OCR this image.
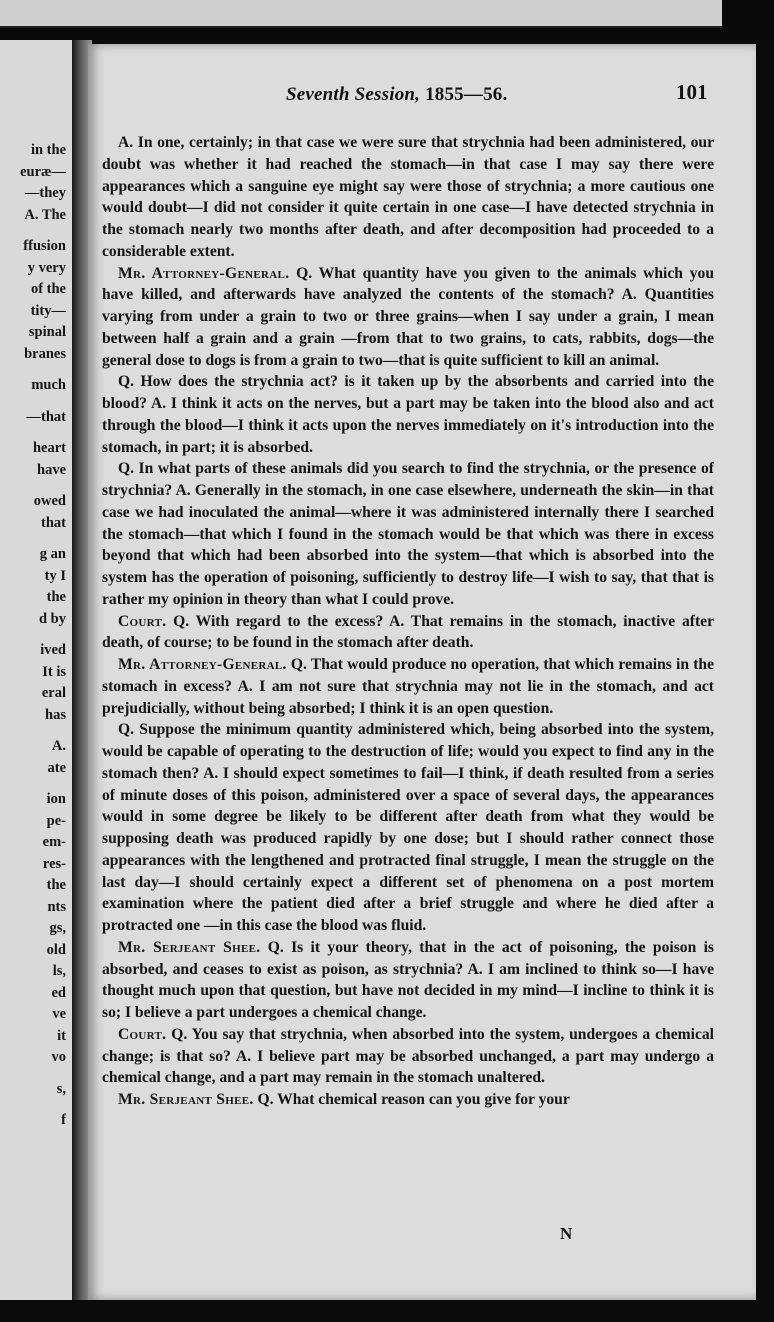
in the
euræ—
—they
A. The
ffusion
y very
of the
tity—
spinal
branes
much
—that
heart
have
owed
that
g an
ty I
the
d by
ived
It is
eral
has
A.
ate
ion
pe-
em-
res-
the
nts
gs,
old
ls,
ed
ve
it
vo
s,
f
Seventh Session, 1855—56.	101

A. In one, certainly; in that case we were sure that strychnia had been administered, our doubt was whether it had reached the stomach—in that case I may say there were appearances which a sanguine eye might say were those of strychnia; a more cautious one would doubt—I did not consider it quite certain in one case—I have detected strychnia in the stomach nearly two months after death, and after decomposition had proceeded to a considerable extent.

Mr. Attorney-General. Q. What quantity have you given to the animals which you have killed, and afterwards have analyzed the contents of the stomach? A. Quantities varying from under a grain to two or three grains—when I say under a grain, I mean between half a grain and a grain —from that to two grains, to cats, rabbits, dogs—the general dose to dogs is from a grain to two—that is quite sufficient to kill an animal.

Q. How does the strychnia act? is it taken up by the absorbents and carried into the blood? A. I think it acts on the nerves, but a part may be taken into the blood also and act through the blood—I think it acts upon the nerves immediately on it's introduction into the stomach, in part; it is absorbed.

Q. In what parts of these animals did you search to find the strychnia, or the presence of strychnia? A. Generally in the stomach, in one case elsewhere, underneath the skin—in that case we had inoculated the animal—where it was administered internally there I searched the stomach—that which I found in the stomach would be that which was there in excess beyond that which had been absorbed into the system—that which is absorbed into the system has the operation of poisoning, sufficiently to destroy life—I wish to say, that that is rather my opinion in theory than what I could prove.

Court. Q. With regard to the excess? A. That remains in the stomach, inactive after death, of course; to be found in the stomach after death.

Mr. Attorney-General. Q. That would produce no operation, that which remains in the stomach in excess? A. I am not sure that strychnia may not lie in the stomach, and act prejudicially, without being absorbed; I think it is an open question.

Q. Suppose the minimum quantity administered which, being absorbed into the system, would be capable of operating to the destruction of life; would you expect to find any in the stomach then? A. I should expect sometimes to fail—I think, if death resulted from a series of minute doses of this poison, administered over a space of several days, the appearances would in some degree be likely to be different after death from what they would be supposing death was produced rapidly by one dose; but I should rather connect those appearances with the lengthened and protracted final struggle, I mean the struggle on the last day—I should certainly expect a different set of phenomena on a post mortem examination where the patient died after a brief struggle and where he died after a protracted one —in this case the blood was fluid.

Mr. Serjeant Shee. Q. Is it your theory, that in the act of poisoning, the poison is absorbed, and ceases to exist as poison, as strychnia? A. I am inclined to think so—I have thought much upon that question, but have not decided in my mind—I incline to think it is so; I believe a part undergoes a chemical change.

Court. Q. You say that strychnia, when absorbed into the system, undergoes a chemical change; is that so? A. I believe part may be absorbed unchanged, a part may undergo a chemical change, and a part may remain in the stomach unaltered.

Mr. Serjeant Shee. Q. What chemical reason can you give for your

N
